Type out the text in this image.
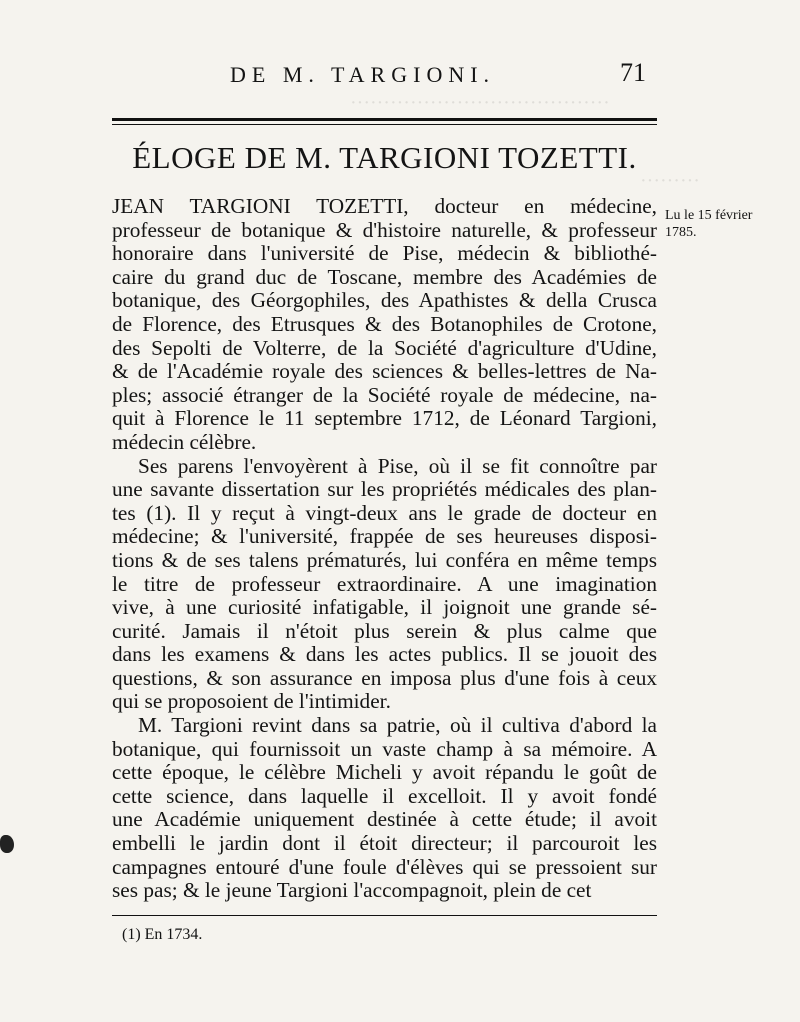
·······································
·········
DE M. TARGIONI.	71
ÉLOGE DE M. TARGIONI TOZETTI.
Lu le 15 février 1785.

JEAN TARGIONI TOZETTI, docteur en médecine,
professeur de botanique & d'histoire naturelle, & professeur
honoraire dans l'université de Pise, médecin & bibliothé-
caire du grand duc de Toscane, membre des Académies de
botanique, des Géorgophiles, des Apathistes & della Crusca
de Florence, des Etrusques & des Botanophiles de Crotone,
des Sepolti de Volterre, de la Société d'agriculture d'Udine,
& de l'Académie royale des sciences & belles-lettres de Na-
ples; associé étranger de la Société royale de médecine, na-
quit à Florence le 11 septembre 1712, de Léonard Targioni,
médecin célèbre.

Ses parens l'envoyèrent à Pise, où il se fit connoître par
une savante dissertation sur les propriétés médicales des plan-
tes (1). Il y reçut à vingt-deux ans le grade de docteur en
médecine; & l'université, frappée de ses heureuses disposi-
tions & de ses talens prématurés, lui conféra en même temps
le titre de professeur extraordinaire. A une imagination
vive, à une curiosité infatigable, il joignoit une grande sé-
curité. Jamais il n'étoit plus serein & plus calme que
dans les examens & dans les actes publics. Il se jouoit des
questions, & son assurance en imposa plus d'une fois à ceux
qui se proposoient de l'intimider.

M. Targioni revint dans sa patrie, où il cultiva d'abord la
botanique, qui fournissoit un vaste champ à sa mémoire. A
cette époque, le célèbre Micheli y avoit répandu le goût de
cette science, dans laquelle il excelloit. Il y avoit fondé
une Académie uniquement destinée à cette étude; il avoit
embelli le jardin dont il étoit directeur; il parcouroit les
campagnes entouré d'une foule d'élèves qui se pressoient sur
ses pas; & le jeune Targioni l'accompagnoit, plein de cet

(1) En 1734.
